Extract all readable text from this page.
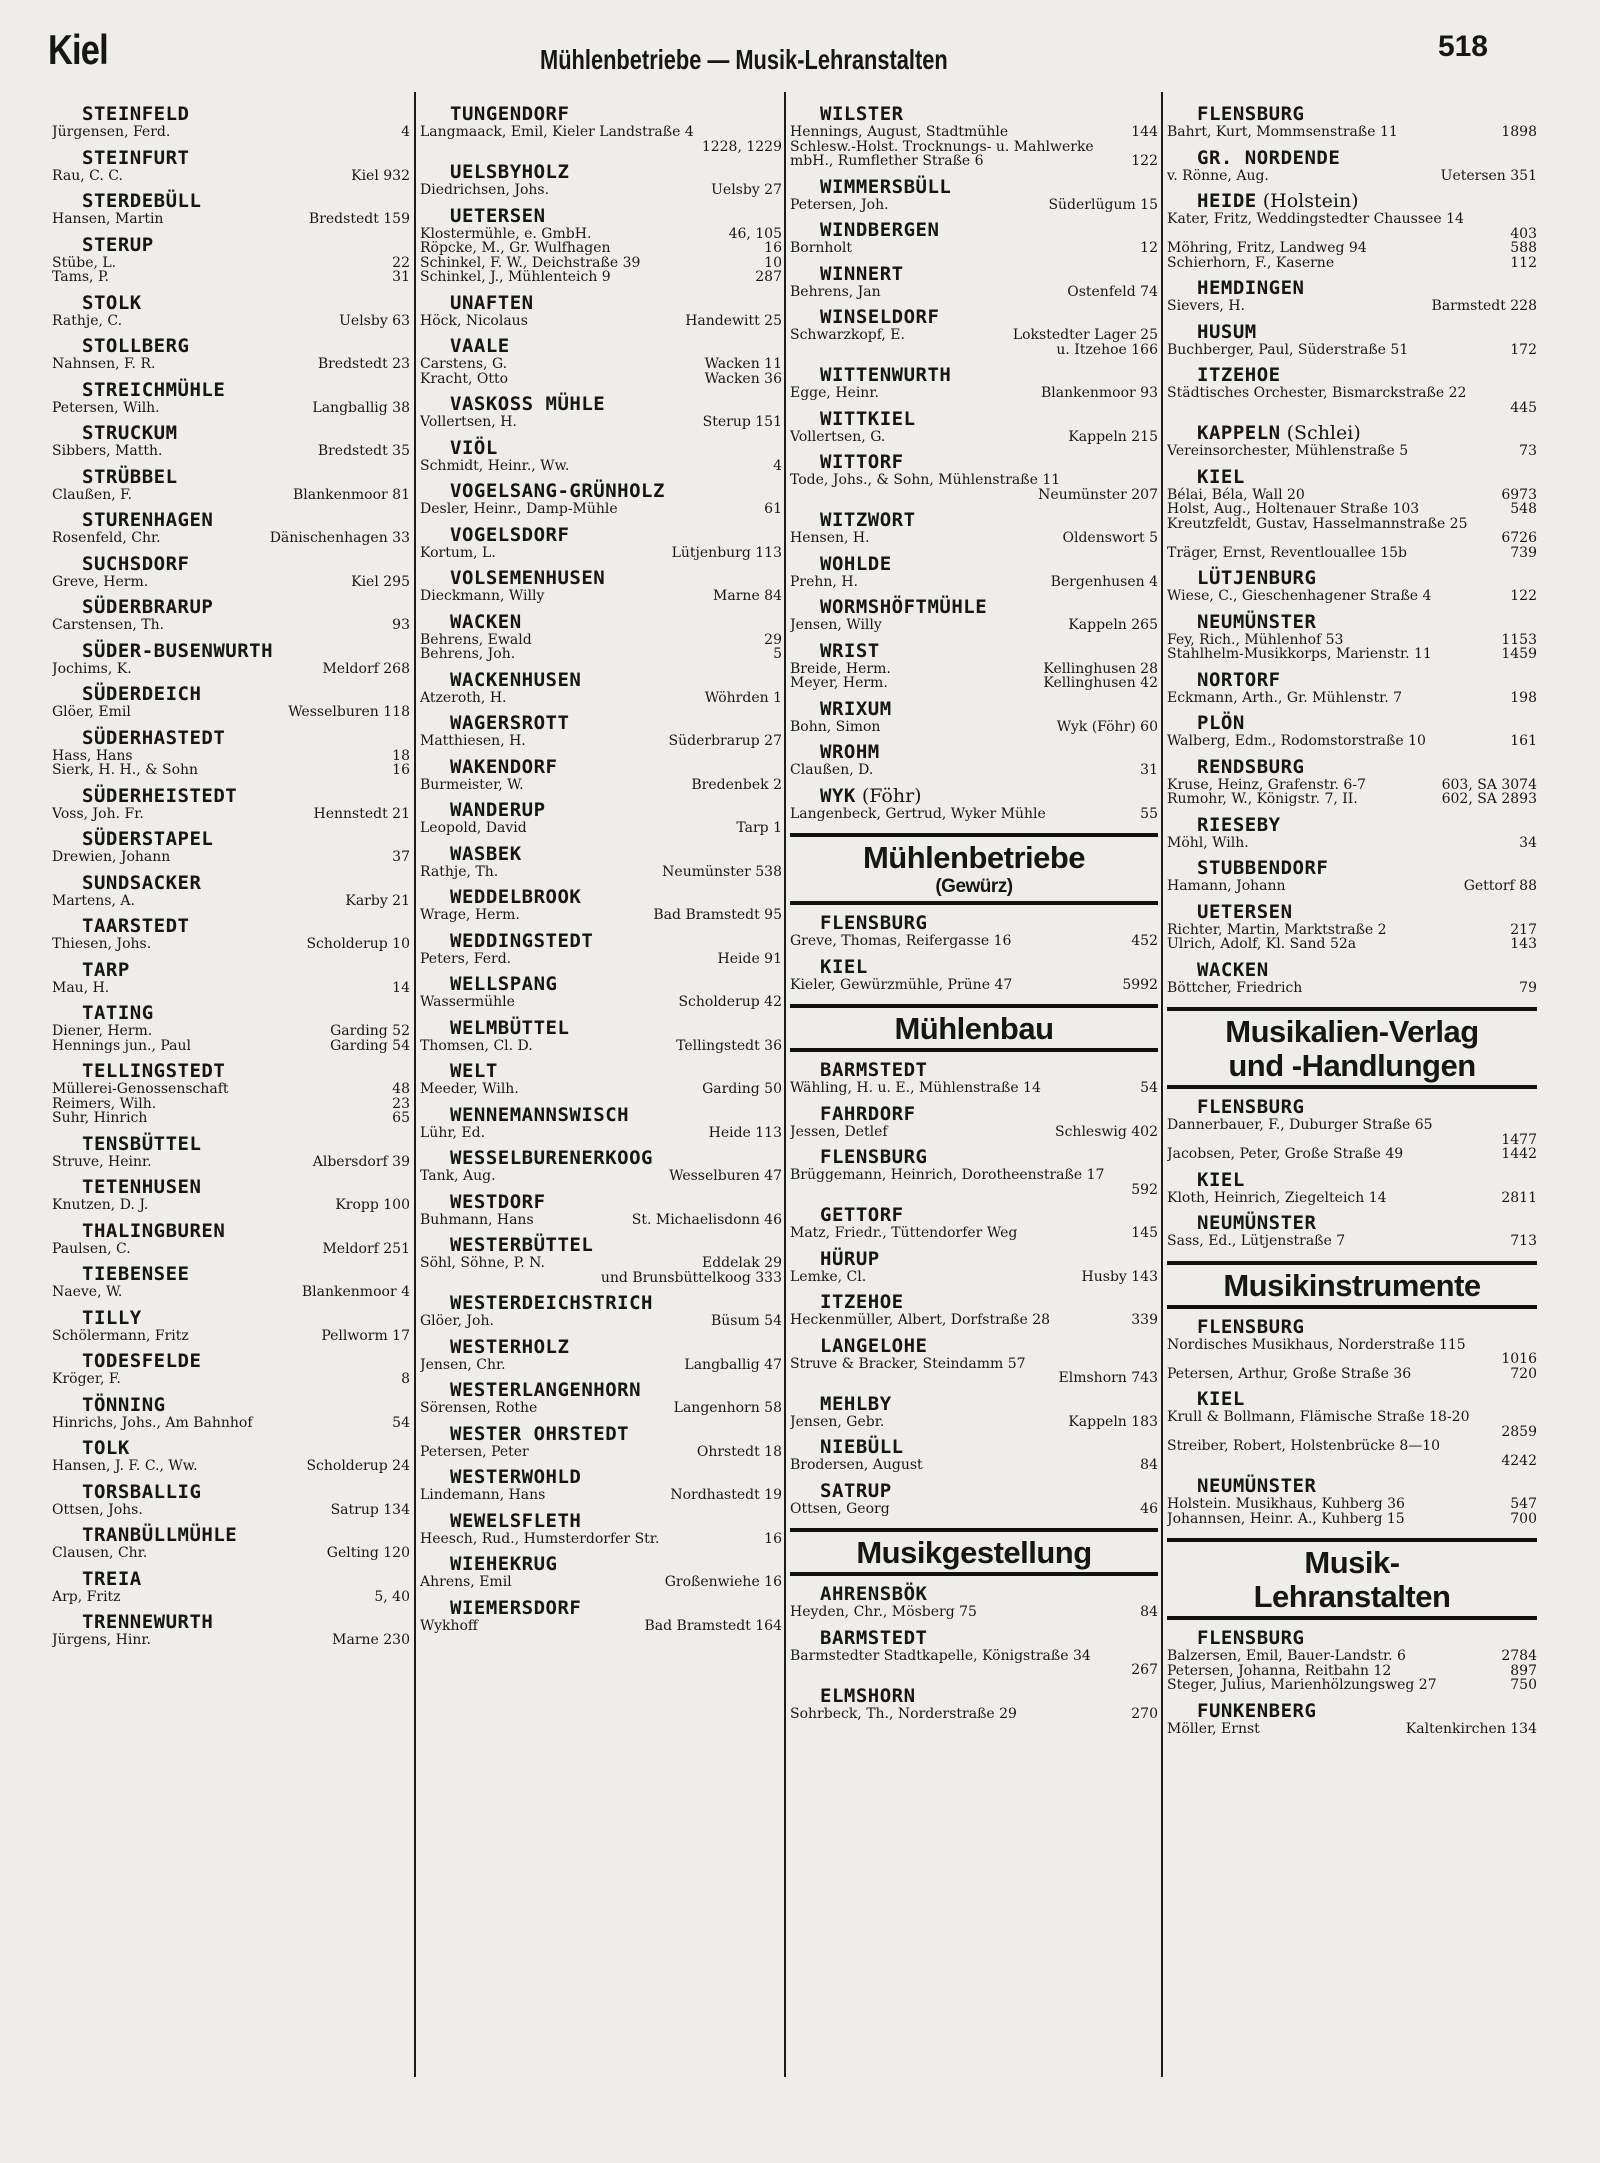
Kiel	Mühlenbetriebe — Musik-Lehranstalten	518
STEINFELD
Jürgensen, Ferd.	4
STEINFURT
Rau, C. C.	Kiel 932
STERDEBÜLL
Hansen, Martin	Bredstedt 159
STERUP
Stübe, L.	22
Tams, P.	31
STOLK
Rathje, C.	Uelsby 63
STOLLBERG
Nahnsen, F. R.	Bredstedt 23
STREICHMÜHLE
Petersen, Wilh.	Langballig 38
STRUCKUM
Sibbers, Matth.	Bredstedt 35
STRÜBBEL
Claußen, F.	Blankenmoor 81
STURENHAGEN
Rosenfeld, Chr.	Dänischenhagen 33
SUCHSDORF
Greve, Herm.	Kiel 295
SÜDERBRARUP
Carstensen, Th.	93
SÜDER-BUSENWURTH
Jochims, K.	Meldorf 268
SÜDERDEICH
Glöer, Emil	Wesselburen 118
SÜDERHASTEDT
Hass, Hans	18
Sierk, H. H., & Sohn	16
SÜDERHEISTEDT
Voss, Joh. Fr.	Hennstedt 21
SÜDERSTAPEL
Drewien, Johann	37
SUNDSACKER
Martens, A.	Karby 21
TAARSTEDT
Thiesen, Johs.	Scholderup 10
TARP
Mau, H.	14
TATING
Diener, Herm.	Garding 52
Hennings jun., Paul	Garding 54
TELLINGSTEDT
Müllerei-Genossenschaft	48
Reimers, Wilh.	23
Suhr, Hinrich	65
TENSBÜTTEL
Struve, Heinr.	Albersdorf 39
TETENHUSEN
Knutzen, D. J.	Kropp 100
THALINGBUREN
Paulsen, C.	Meldorf 251
TIEBENSEE
Naeve, W.	Blankenmoor 4
TILLY
Schölermann, Fritz	Pellworm 17
TODESFELDE
Kröger, F.	8
TÖNNING
Hinrichs, Johs., Am Bahnhof	54
TOLK
Hansen, J. F. C., Ww.	Scholderup 24
TORSBALLIG
Ottsen, Johs.	Satrup 134
TRANBÜLLMÜHLE
Clausen, Chr.	Gelting 120
TREIA
Arp, Fritz	5, 40
TRENNEWURTH
Jürgens, Hinr.	Marne 230
TUNGENDORF
Langmaack, Emil, Kieler Landstraße 4
1228, 1229
UELSBYHOLZ
Diedrichsen, Johs.	Uelsby 27
UETERSEN
Klostermühle, e. GmbH.	46, 105
Röpcke, M., Gr. Wulfhagen	16
Schinkel, F. W., Deichstraße 39	10
Schinkel, J., Mühlenteich 9	287
UNAFTEN
Höck, Nicolaus	Handewitt 25
VAALE
Carstens, G.	Wacken 11
Kracht, Otto	Wacken 36
VASKOSS MÜHLE
Vollertsen, H.	Sterup 151
VIÖL
Schmidt, Heinr., Ww.	4
VOGELSANG-GRÜNHOLZ
Desler, Heinr., Damp-Mühle	61
VOGELSDORF
Kortum, L.	Lütjenburg 113
VOLSEMENHUSEN
Dieckmann, Willy	Marne 84
WACKEN
Behrens, Ewald	29
Behrens, Joh.	5
WACKENHUSEN
Atzeroth, H.	Wöhrden 1
WAGERSROTT
Matthiesen, H.	Süderbrarup 27
WAKENDORF
Burmeister, W.	Bredenbek 2
WANDERUP
Leopold, David	Tarp 1
WASBEK
Rathje, Th.	Neumünster 538
WEDDELBROOK
Wrage, Herm.	Bad Bramstedt 95
WEDDINGSTEDT
Peters, Ferd.	Heide 91
WELLSPANG
Wassermühle	Scholderup 42
WELMBÜTTEL
Thomsen, Cl. D.	Tellingstedt 36
WELT
Meeder, Wilh.	Garding 50
WENNEMANNSWISCH
Lühr, Ed.	Heide 113
WESSELBURENERKOOG
Tank, Aug.	Wesselburen 47
WESTDORF
Buhmann, Hans	St. Michaelisdonn 46
WESTERBÜTTEL
Söhl, Söhne, P. N.	Eddelak 29
und Brunsbüttelkoog 333
WESTERDEICHSTRICH
Glöer, Joh.	Büsum 54
WESTERHOLZ
Jensen, Chr.	Langballig 47
WESTERLANGENHORN
Sörensen, Rothe	Langenhorn 58
WESTER OHRSTEDT
Petersen, Peter	Ohrstedt 18
WESTERWOHLD
Lindemann, Hans	Nordhastedt 19
WEWELSFLETH
Heesch, Rud., Humsterdorfer Str.	16
WIEHEKRUG
Ahrens, Emil	Großenwiehe 16
WIEMERSDORF
Wykhoff	Bad Bramstedt 164
WILSTER
Hennings, August, Stadtmühle	144
Schlesw.-Holst. Trocknungs- u. Mahlwerke
mbH., Rumflether Straße 6	122
WIMMERSBÜLL
Petersen, Joh.	Süderlügum 15
WINDBERGEN
Bornholt	12
WINNERT
Behrens, Jan	Ostenfeld 74
WINSELDORF
Schwarzkopf, E.	Lokstedter Lager 25
u. Itzehoe 166
WITTENWURTH
Egge, Heinr.	Blankenmoor 93
WITTKIEL
Vollertsen, G.	Kappeln 215
WITTORF
Tode, Johs., & Sohn, Mühlenstraße 11
Neumünster 207
WITZWORT
Hensen, H.	Oldenswort 5
WOHLDE
Prehn, H.	Bergenhusen 4
WORMSHÖFTMÜHLE
Jensen, Willy	Kappeln 265
WRIST
Breide, Herm.	Kellinghusen 28
Meyer, Herm.	Kellinghusen 42
WRIXUM
Bohn, Simon	Wyk (Föhr) 60
WROHM
Claußen, D.	31
WYK (Föhr)
Langenbeck, Gertrud, Wyker Mühle	55
Mühlenbetriebe
(Gewürz)
FLENSBURG
Greve, Thomas, Reifergasse 16	452
KIEL
Kieler, Gewürzmühle, Prüne 47	5992
Mühlenbau
BARMSTEDT
Wähling, H. u. E., Mühlenstraße 14	54
FAHRDORF
Jessen, Detlef	Schleswig 402
FLENSBURG
Brüggemann, Heinrich, Dorotheenstraße 17
592
GETTORF
Matz, Friedr., Tüttendorfer Weg	145
HÜRUP
Lemke, Cl.	Husby 143
ITZEHOE
Heckenmüller, Albert, Dorfstraße 28	339
LANGELOHE
Struve & Bracker, Steindamm 57
Elmshorn 743
MEHLBY
Jensen, Gebr.	Kappeln 183
NIEBÜLL
Brodersen, August	84
SATRUP
Ottsen, Georg	46
Musikgestellung
AHRENSBÖK
Heyden, Chr., Mösberg 75	84
BARMSTEDT
Barmstedter Stadtkapelle, Königstraße 34
267
ELMSHORN
Sohrbeck, Th., Norderstraße 29	270
FLENSBURG
Bahrt, Kurt, Mommsenstraße 11	1898
GR. NORDENDE
v. Rönne, Aug.	Uetersen 351
HEIDE (Holstein)
Kater, Fritz, Weddingstedter Chaussee 14
403
Möhring, Fritz, Landweg 94	588
Schierhorn, F., Kaserne	112
HEMDINGEN
Sievers, H.	Barmstedt 228
HUSUM
Buchberger, Paul, Süderstraße 51	172
ITZEHOE
Städtisches Orchester, Bismarckstraße 22
445
KAPPELN (Schlei)
Vereinsorchester, Mühlenstraße 5	73
KIEL
Bélai, Béla, Wall 20	6973
Holst, Aug., Holtenauer Straße 103	548
Kreutzfeldt, Gustav, Hasselmannstraße 25
6726
Träger, Ernst, Reventlouallee 15b	739
LÜTJENBURG
Wiese, C., Gieschenhagener Straße 4	122
NEUMÜNSTER
Fey, Rich., Mühlenhof 53	1153
Stahlhelm-Musikkorps, Marienstr. 11	1459
NORTORF
Eckmann, Arth., Gr. Mühlenstr. 7	198
PLÖN
Walberg, Edm., Rodomstorstraße 10	161
RENDSBURG
Kruse, Heinz, Grafenstr. 6-7	603, SA 3074
Rumohr, W., Königstr. 7, II.	602, SA 2893
RIESEBY
Möhl, Wilh.	34
STUBBENDORF
Hamann, Johann	Gettorf 88
UETERSEN
Richter, Martin, Marktstraße 2	217
Ulrich, Adolf, Kl. Sand 52a	143
WACKEN
Böttcher, Friedrich	79
Musikalien-Verlag
und -Handlungen
FLENSBURG
Dannerbauer, F., Duburger Straße 65
1477
Jacobsen, Peter, Große Straße 49	1442
KIEL
Kloth, Heinrich, Ziegelteich 14	2811
NEUMÜNSTER
Sass, Ed., Lütjenstraße 7	713
Musikinstrumente
FLENSBURG
Nordisches Musikhaus, Norderstraße 115
1016
Petersen, Arthur, Große Straße 36	720
KIEL
Krull & Bollmann, Flämische Straße 18-20
2859
Streiber, Robert, Holstenbrücke 8—10
4242
NEUMÜNSTER
Holstein. Musikhaus, Kuhberg 36	547
Johannsen, Heinr. A., Kuhberg 15	700
Musik-
Lehranstalten
FLENSBURG
Balzersen, Emil, Bauer-Landstr. 6	2784
Petersen, Johanna, Reitbahn 12	897
Steger, Julius, Marienhölzungsweg 27	750
FUNKENBERG
Möller, Ernst	Kaltenkirchen 134
